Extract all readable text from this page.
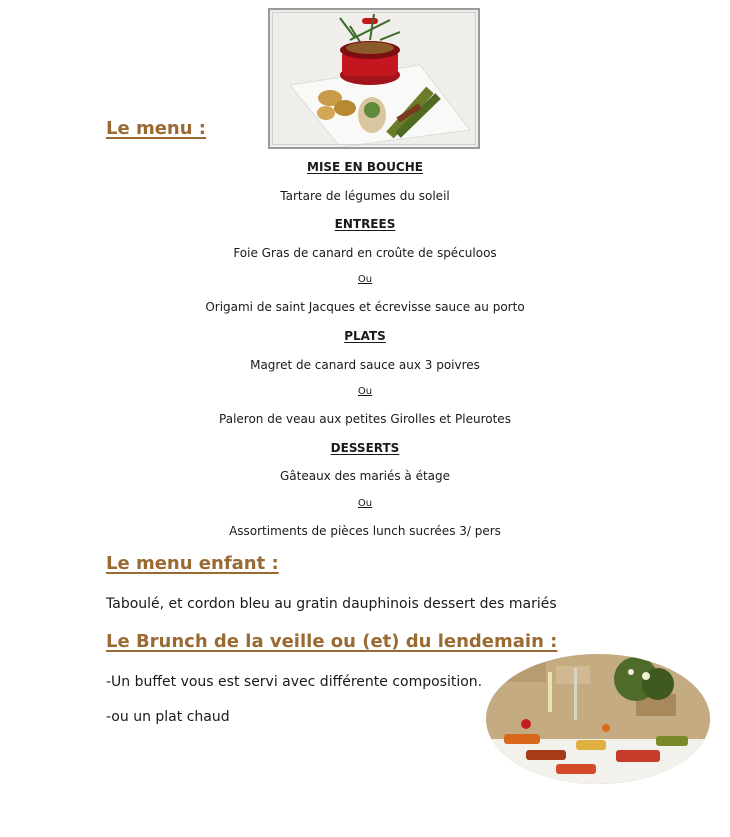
Le menu :

MISE EN BOUCHE

Tartare de légumes du soleil

ENTREES

Foie Gras de canard en croûte de spéculoos

Ou

Origami de saint Jacques et écrevisse sauce au porto

PLATS

Magret de canard sauce aux 3 poivres

Ou

Paleron de veau aux petites Girolles et Pleurotes

DESSERTS

Gâteaux des mariés à étage

Ou

Assortiments de pièces lunch sucrées 3/ pers

Le menu enfant :

Taboulé, et cordon bleu au gratin dauphinois dessert des mariés

Le Brunch de la veille ou (et) du lendemain :

-Un buffet vous est servi avec différente composition.

-ou un plat chaud
